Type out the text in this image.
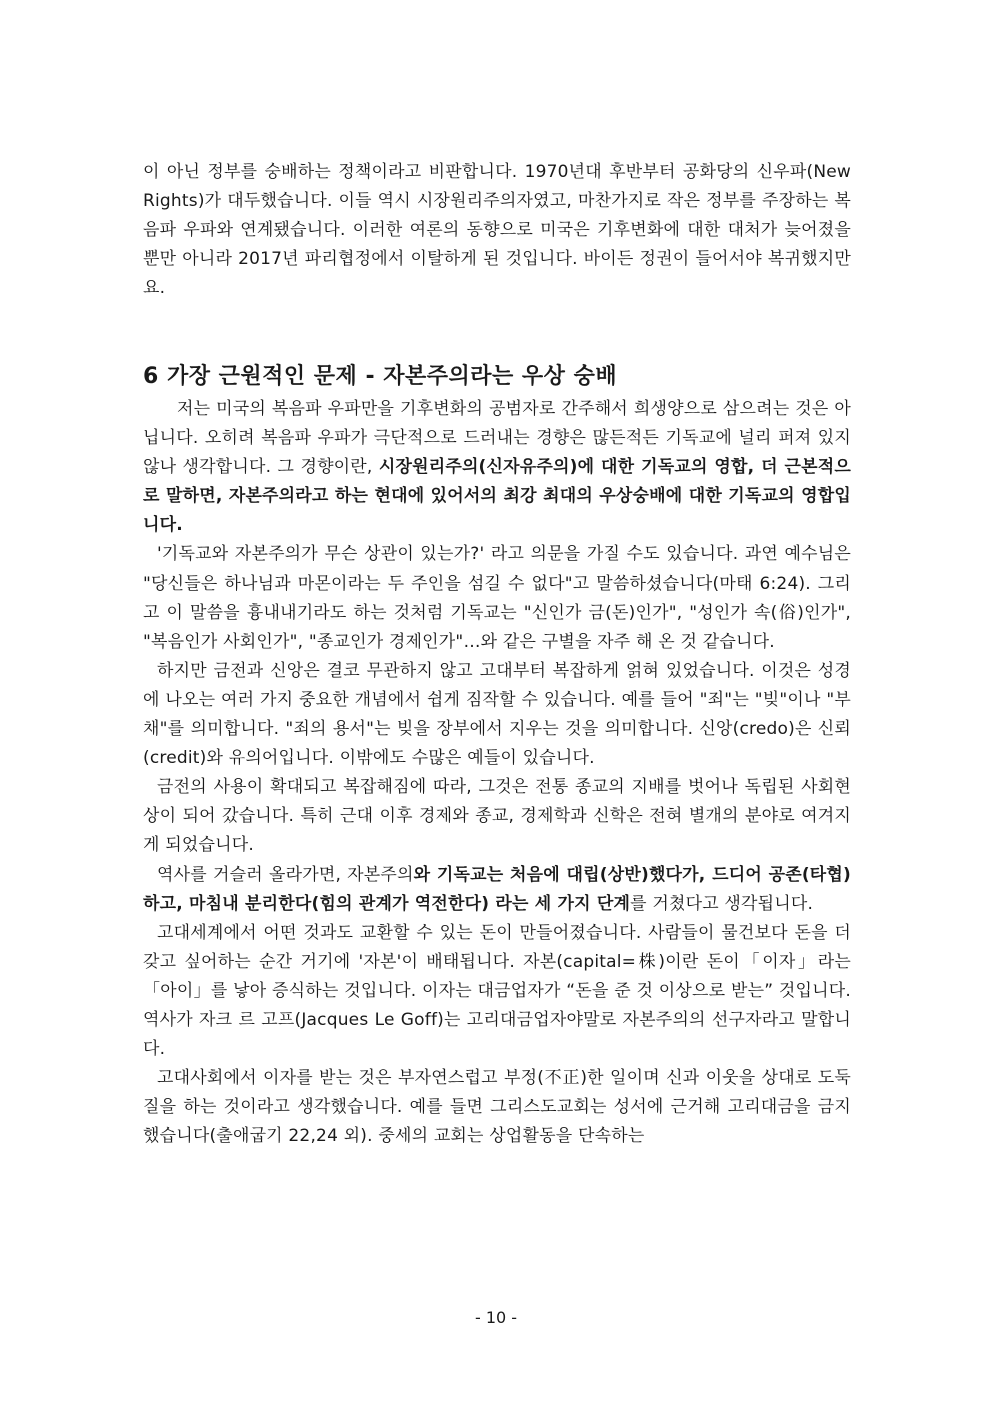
이 아닌 정부를 숭배하는 정책이라고 비판합니다. 1970년대 후반부터 공화당의 신우파(New Rights)가 대두했습니다. 이들 역시 시장원리주의자였고, 마찬가지로 작은 정부를 주장하는 복음파 우파와 연계됐습니다. 이러한 여론의 동향으로 미국은 기후변화에 대한 대처가 늦어졌을 뿐만 아니라 2017년 파리협정에서 이탈하게 된 것입니다. 바이든 정권이 들어서야 복귀했지만요.

6 가장 근원적인 문제 - 자본주의라는 우상 숭배

저는 미국의 복음파 우파만을 기후변화의 공범자로 간주해서 희생양으로 삼으려는 것은 아닙니다. 오히려 복음파 우파가 극단적으로 드러내는 경향은 많든적든 기독교에 널리 퍼져 있지 않나 생각합니다. 그 경향이란, 시장원리주의(신자유주의)에 대한 기독교의 영합, 더 근본적으로 말하면, 자본주의라고 하는 현대에 있어서의 최강 최대의 우상숭배에 대한 기독교의 영합입니다.

'기독교와 자본주의가 무슨 상관이 있는가?' 라고 의문을 가질 수도 있습니다. 과연 예수님은 "당신들은 하나님과 마몬이라는 두 주인을 섬길 수 없다"고 말씀하셨습니다(마태 6:24). 그리고 이 말씀을 흉내내기라도 하는 것처럼 기독교는 "신인가 금(돈)인가", "성인가 속(俗)인가", "복음인가 사회인가", "종교인가 경제인가"…와 같은 구별을 자주 해 온 것 같습니다.

하지만 금전과 신앙은 결코 무관하지 않고 고대부터 복잡하게 얽혀 있었습니다. 이것은 성경에 나오는 여러 가지 중요한 개념에서 쉽게 짐작할 수 있습니다. 예를 들어 "죄"는 "빚"이나 "부채"를 의미합니다. "죄의 용서"는 빚을 장부에서 지우는 것을 의미합니다. 신앙(credo)은 신뢰(credit)와 유의어입니다. 이밖에도 수많은 예들이 있습니다.

금전의 사용이 확대되고 복잡해짐에 따라, 그것은 전통 종교의 지배를 벗어나 독립된 사회현상이 되어 갔습니다. 특히 근대 이후 경제와 종교, 경제학과 신학은 전혀 별개의 분야로 여겨지게 되었습니다.

역사를 거슬러 올라가면, 자본주의와 기독교는 처음에 대립(상반)했다가, 드디어 공존(타협)하고, 마침내 분리한다(힘의 관계가 역전한다) 라는 세 가지 단계를 거쳤다고 생각됩니다.

고대세계에서 어떤 것과도 교환할 수 있는 돈이 만들어졌습니다. 사람들이 물건보다 돈을 더 갖고 싶어하는 순간 거기에 '자본'이 배태됩니다. 자본(capital=株)이란 돈이「이자」라는「아이」를 낳아 증식하는 것입니다. 이자는 대금업자가 “돈을 준 것 이상으로 받는” 것입니다. 역사가 자크 르 고프(Jacques Le Goff)는 고리대금업자야말로 자본주의의 선구자라고 말합니다.

고대사회에서 이자를 받는 것은 부자연스럽고 부정(不正)한 일이며 신과 이웃을 상대로 도둑질을 하는 것이라고 생각했습니다. 예를 들면 그리스도교회는 성서에 근거해 고리대금을 금지했습니다(출애굽기 22,24 외). 중세의 교회는 상업활동을 단속하는

- 10 -
